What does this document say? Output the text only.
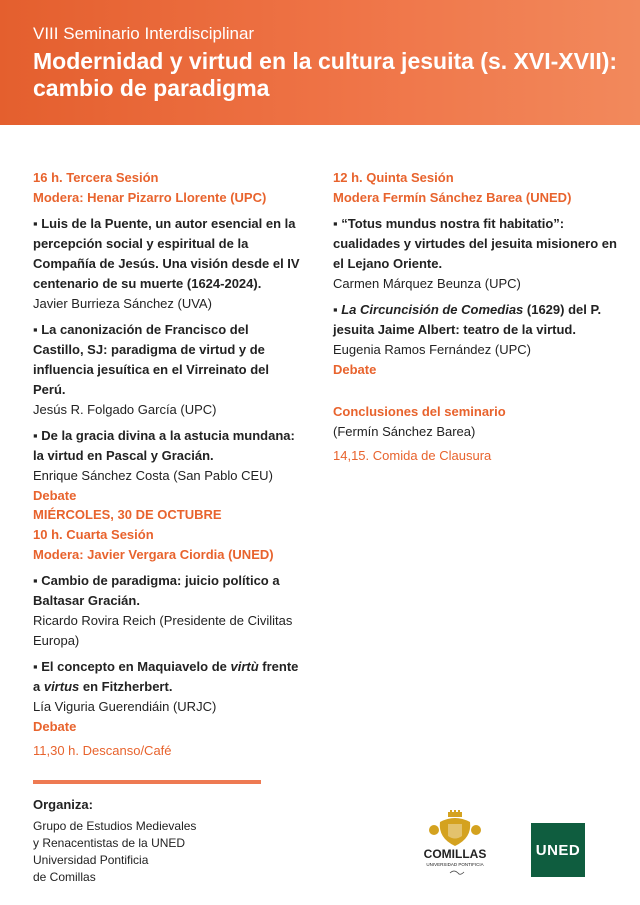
VIII Seminario Interdisciplinar
Modernidad y virtud en la cultura jesuita (s. XVI-XVII): cambio de paradigma
16 h. Tercera Sesión
Modera: Henar Pizarro Llorente (UPC)
▪ Luis de la Puente, un autor esencial en la percepción social y espiritual de la Compañía de Jesús. Una visión desde el IV centenario de su muerte (1624-2024).
Javier Burrieza Sánchez (UVA)
▪ La canonización de Francisco del Castillo, SJ: paradigma de virtud y de influencia jesuítica en el Virreinato del Perú.
Jesús R. Folgado García (UPC)
▪ De la gracia divina a la astucia mundana: la virtud en Pascal y Gracián.
Enrique Sánchez Costa (San Pablo CEU)
Debate
MIÉRCOLES, 30 DE OCTUBRE
10 h. Cuarta Sesión
Modera: Javier Vergara Ciordia (UNED)
▪ Cambio de paradigma: juicio político a Baltasar Gracián.
Ricardo Rovira Reich (Presidente de Civilitas Europa)
▪ El concepto en Maquiavelo de virtù frente a virtus en Fitzherbert.
Lía Viguria Guerendiáin (URJC)
Debate
11,30 h. Descanso/Café
12 h. Quinta Sesión
Modera Fermín Sánchez Barea (UNED)
▪ “Totus mundus nostra fit habitatio”: cualidades y virtudes del jesuita misionero en el Lejano Oriente.
Carmen Márquez Beunza (UPC)
▪ La Circuncisión de Comedias (1629) del P. jesuita Jaime Albert: teatro de la virtud.
Eugenia Ramos Fernández (UPC)
Debate
Conclusiones del seminario
(Fermín Sánchez Barea)
14,15. Comida de Clausura
Organiza:
Grupo de Estudios Medievales
y Renacentistas de la UNED
Universidad Pontificia
de Comillas
COMILLAS
UNIVERSIDAD PONTIFICIA
UNED
